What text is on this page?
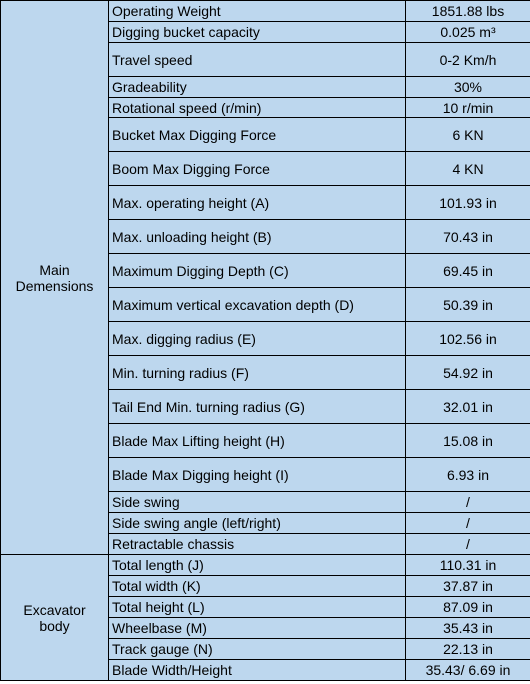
Main
Demensions	Operating Weight	1851.88 lbs
	Digging bucket capacity	0.025 m³
	Travel speed	0-2 Km/h
	Gradeability	30%
	Rotational speed (r/min)	10 r/min
	Bucket Max Digging Force	6 KN
	Boom Max Digging Force	4 KN
	Max. operating height (A)	101.93 in
	Max. unloading height (B)	70.43 in
	Maximum Digging Depth (C)	69.45 in
	Maximum vertical excavation depth (D)	50.39 in
	Max. digging radius (E)	102.56 in
	Min. turning radius (F)	54.92 in
	Tail End Min. turning radius (G)	32.01 in
	Blade Max Lifting height (H)	15.08 in
	Blade Max Digging height (I)	6.93 in
	Side swing	/
	Side swing angle (left/right)	/
	Retractable chassis	/
Excavator
body	Total length (J)	110.31 in
	Total width (K)	37.87 in
	Total height (L)	87.09 in
	Wheelbase (M)	35.43 in
	Track gauge (N)	22.13 in
	Blade Width/Height	35.43/ 6.69 in
